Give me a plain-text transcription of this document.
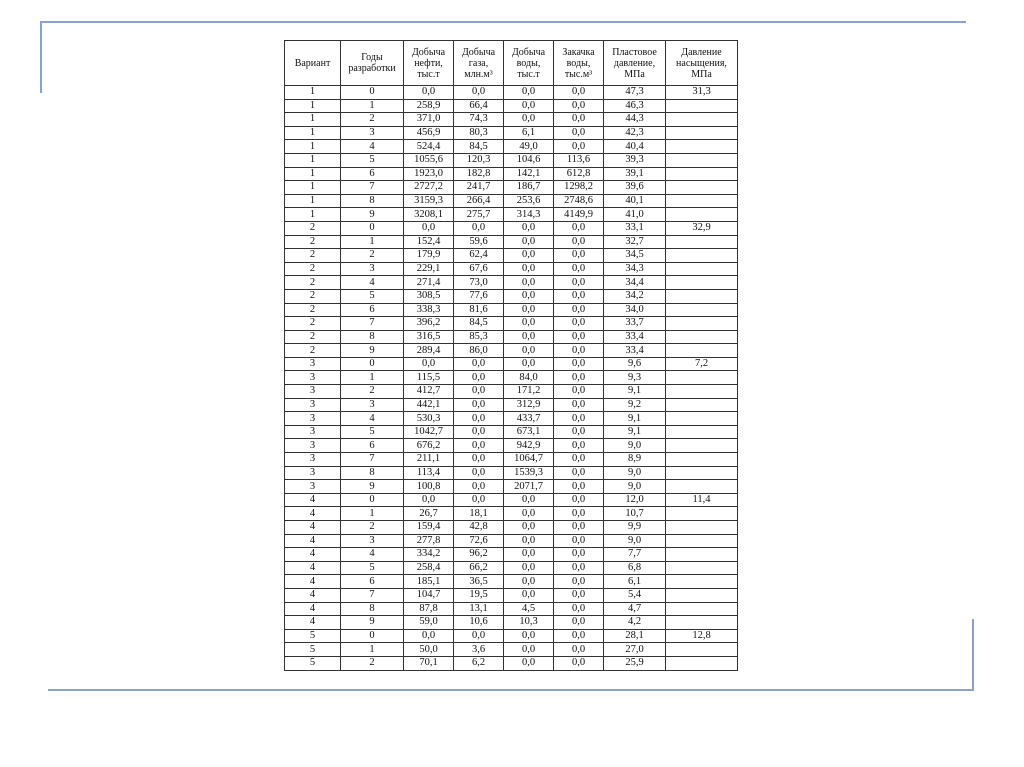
Вариант	Годы разработки	Добыча нефти, тыс.т	Добыча газа, млн.м³	Добыча воды, тыс.т	Закачка воды, тыс.м³	Пластовое давление, МПа	Давление насыщения, МПа
1	0	0,0	0,0	0,0	0,0	47,3	31,3
1	1	258,9	66,4	0,0	0,0	46,3	
1	2	371,0	74,3	0,0	0,0	44,3	
1	3	456,9	80,3	6,1	0,0	42,3	
1	4	524,4	84,5	49,0	0,0	40,4	
1	5	1055,6	120,3	104,6	113,6	39,3	
1	6	1923,0	182,8	142,1	612,8	39,1	
1	7	2727,2	241,7	186,7	1298,2	39,6	
1	8	3159,3	266,4	253,6	2748,6	40,1	
1	9	3208,1	275,7	314,3	4149,9	41,0	
2	0	0,0	0,0	0,0	0,0	33,1	32,9
2	1	152,4	59,6	0,0	0,0	32,7	
2	2	179,9	62,4	0,0	0,0	34,5	
2	3	229,1	67,6	0,0	0,0	34,3	
2	4	271,4	73,0	0,0	0,0	34,4	
2	5	308,5	77,6	0,0	0,0	34,2	
2	6	338,3	81,6	0,0	0,0	34,0	
2	7	396,2	84,5	0,0	0,0	33,7	
2	8	316,5	85,3	0,0	0,0	33,4	
2	9	289,4	86,0	0,0	0,0	33,4	
3	0	0,0	0,0	0,0	0,0	9,6	7,2
3	1	115,5	0,0	84,0	0,0	9,3	
3	2	412,7	0,0	171,2	0,0	9,1	
3	3	442,1	0,0	312,9	0,0	9,2	
3	4	530,3	0,0	433,7	0,0	9,1	
3	5	1042,7	0,0	673,1	0,0	9,1	
3	6	676,2	0,0	942,9	0,0	9,0	
3	7	211,1	0,0	1064,7	0,0	8,9	
3	8	113,4	0,0	1539,3	0,0	9,0	
3	9	100,8	0,0	2071,7	0,0	9,0	
4	0	0,0	0,0	0,0	0,0	12,0	11,4
4	1	26,7	18,1	0,0	0,0	10,7	
4	2	159,4	42,8	0,0	0,0	9,9	
4	3	277,8	72,6	0,0	0,0	9,0	
4	4	334,2	96,2	0,0	0,0	7,7	
4	5	258,4	66,2	0,0	0,0	6,8	
4	6	185,1	36,5	0,0	0,0	6,1	
4	7	104,7	19,5	0,0	0,0	5,4	
4	8	87,8	13,1	4,5	0,0	4,7	
4	9	59,0	10,6	10,3	0,0	4,2	
5	0	0,0	0,0	0,0	0,0	28,1	12,8
5	1	50,0	3,6	0,0	0,0	27,0	
5	2	70,1	6,2	0,0	0,0	25,9	
